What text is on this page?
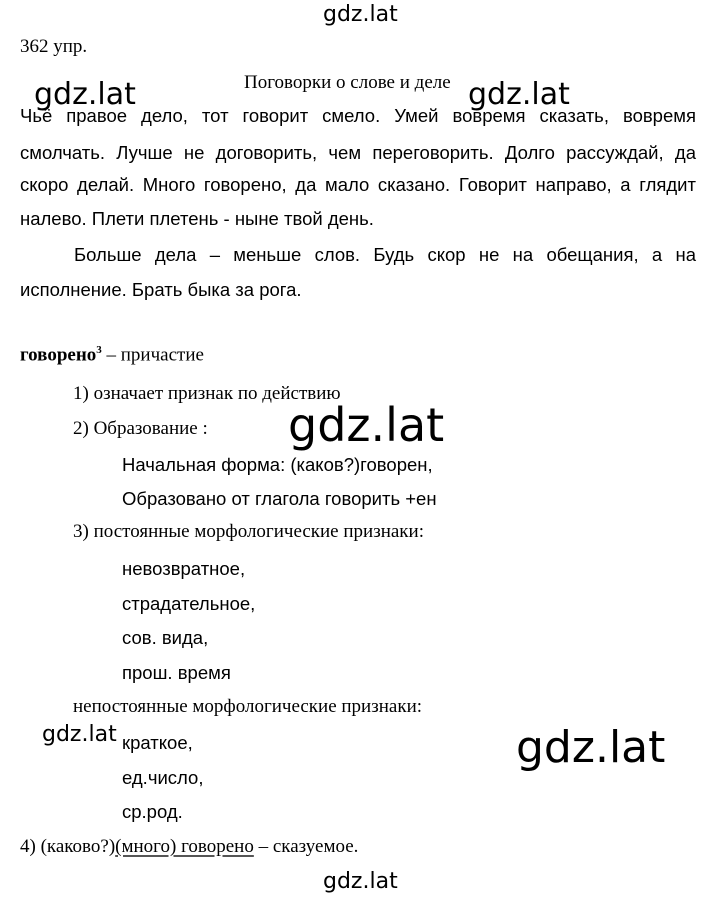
gdz.lat
gdz.lat	gdz.lat
gdz.lat
gdz.lat	gdz.lat
gdz.lat
362 упр.
Поговорки о слове и деле
Чьё правое дело, тот говорит смело. Умей вовремя сказать, вовремя
смолчать. Лучше не договорить, чем переговорить. Долго рассуждай, да
скоро делай. Много говорено, да мало сказано. Говорит направо, а глядит
налево. Плети плетень - ныне твой день.
Больше дела – меньше слов. Будь скор не на обещания, а на
исполнение. Брать быка за рога.
говорено$^3$ – причастие
1) означает признак по действию
2) Образование :
Начальная форма: (каков?)говорен,
Образовано от глагола говорить +ен
3) постоянные морфологические признаки:
невозвратное,
страдательное,
сов. вида,
прош. время
непостоянные морфологические признаки:
краткое,
ед.число,
ср.род.
4) (каково?)(много) говорено – сказуемое.
